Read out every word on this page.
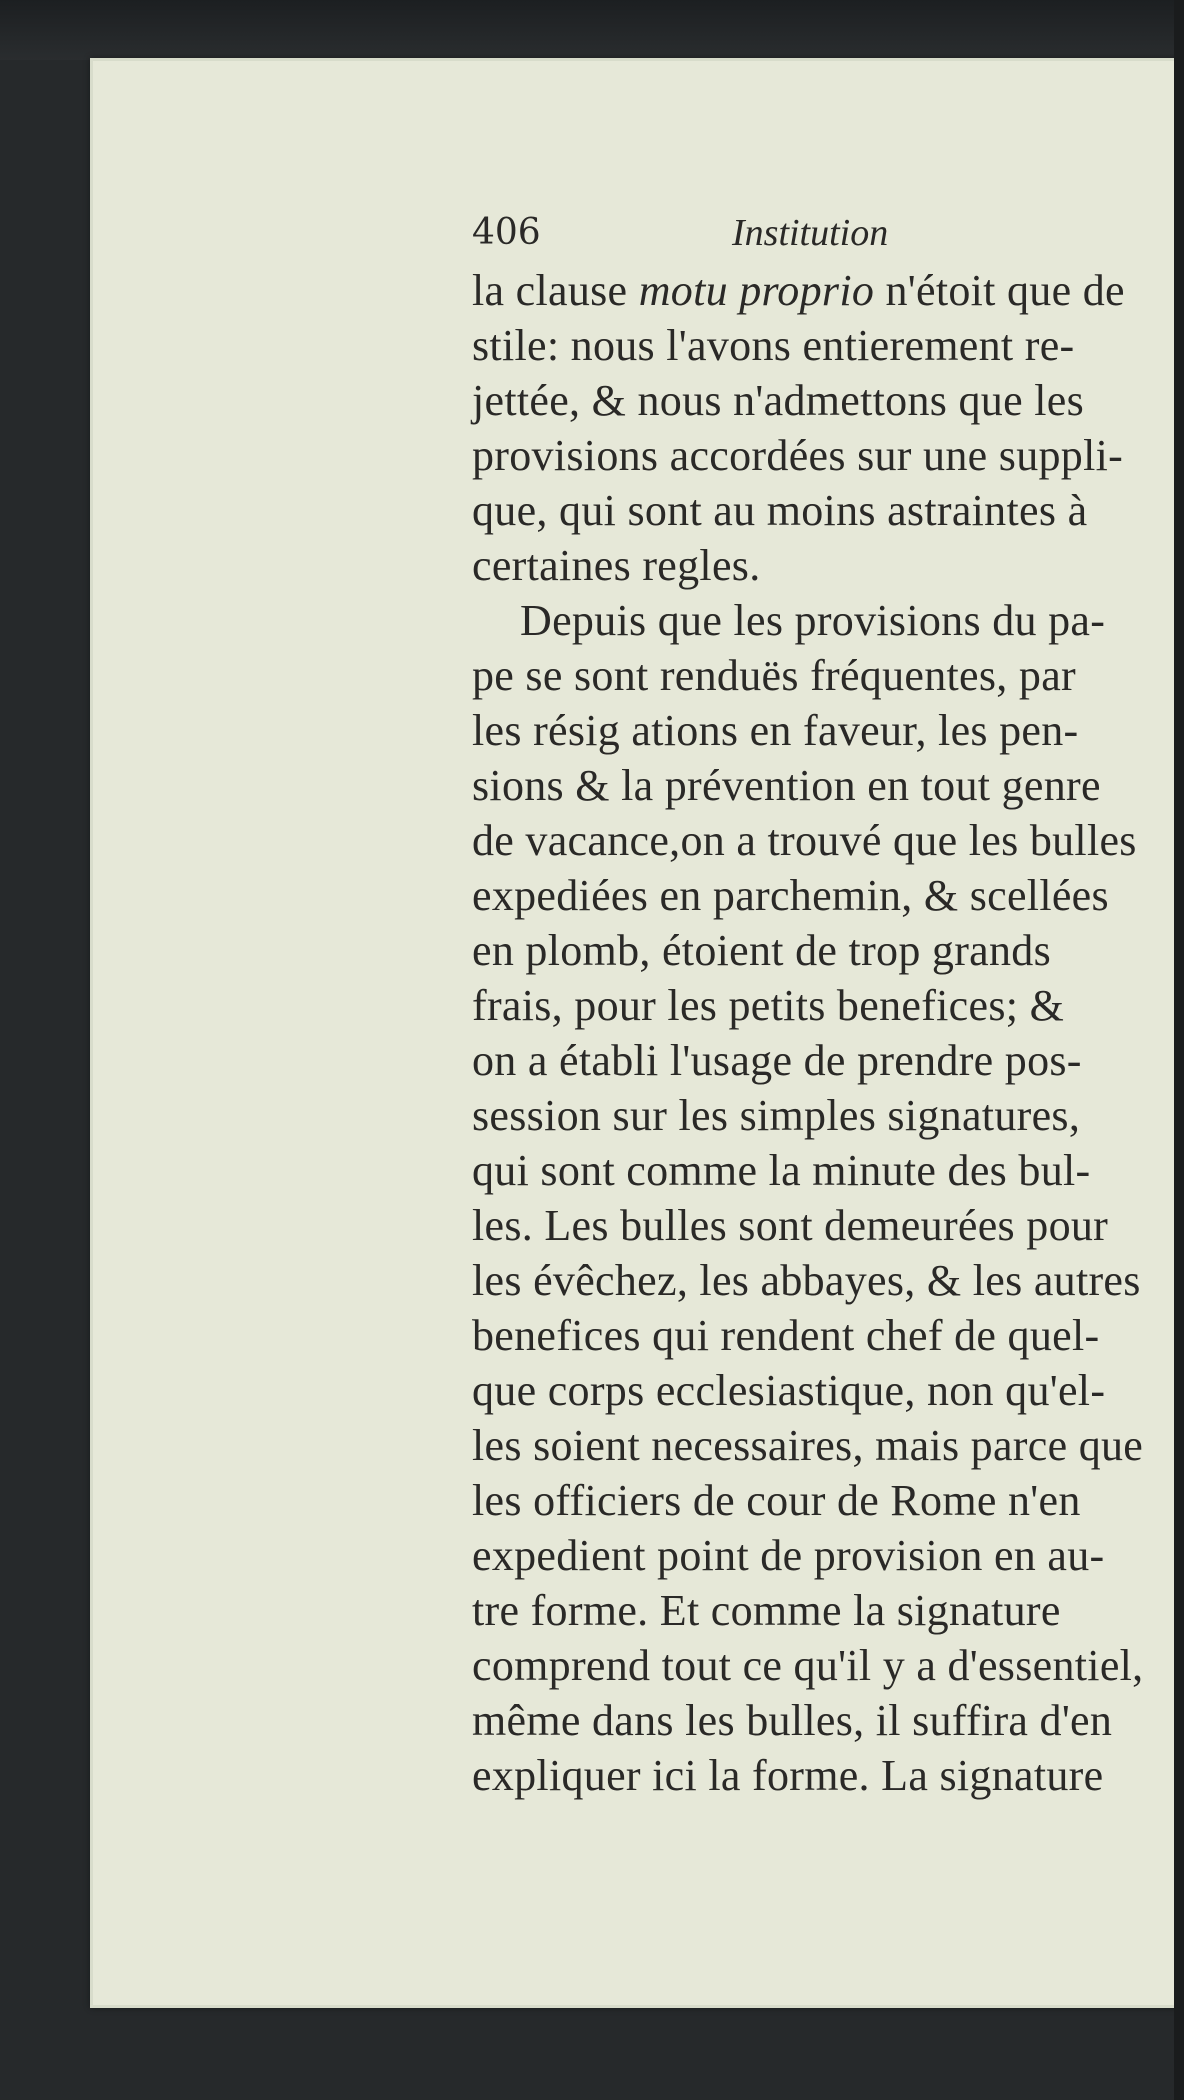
406	Institution
la clause motu proprio n'étoit que de
stile: nous l'avons entierement re-
jettée, & nous n'admettons que les
provisions accordées sur une suppli-
que, qui sont au moins astraintes à
certaines regles.
Depuis que les provisions du pa-
pe se sont renduës fréquentes, par
les résig ations en faveur, les pen-
sions & la prévention en tout genre
de vacance,on a trouvé que les bulles
expediées en parchemin, & scellées
en plomb, étoient de trop grands
frais, pour les petits benefices; &
on a établi l'usage de prendre pos-
session sur les simples signatures,
qui sont comme la minute des bul-
les. Les bulles sont demeurées pour
les évêchez, les abbayes, & les autres
benefices qui rendent chef de quel-
que corps ecclesiastique, non qu'el-
les soient necessaires, mais parce que
les officiers de cour de Rome n'en
expedient point de provision en au-
tre forme. Et comme la signature
comprend tout ce qu'il y a d'essentiel,
même dans les bulles, il suffira d'en
expliquer ici la forme. La signature
